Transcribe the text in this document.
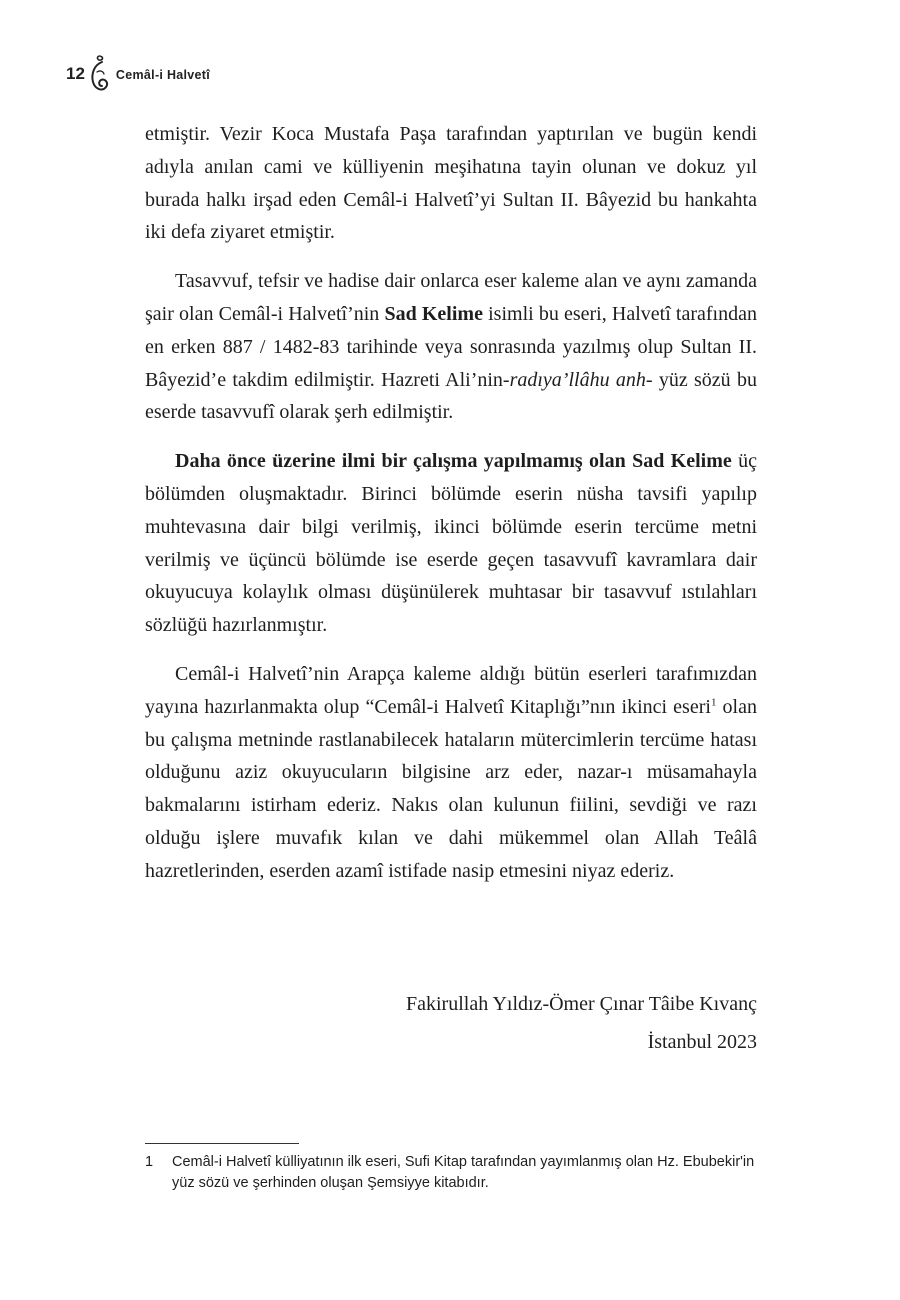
12 Cemâl-i Halvetî

etmiştir. Vezir Koca Mustafa Paşa tarafından yaptırılan ve bugün kendi adıyla anılan cami ve külliyenin meşihatına tayin olunan ve dokuz yıl burada halkı irşad eden Cemâl-i Halvetî’yi Sultan II. Bâyezid bu hankahta iki defa ziyaret etmiştir.

Tasavvuf, tefsir ve hadise dair onlarca eser kaleme alan ve aynı zamanda şair olan Cemâl-i Halvetî’nin Sad Kelime isimli bu eseri, Halvetî tarafından en erken 887 / 1482-83 tarihinde veya sonrasında yazılmış olup Sultan II. Bâyezid’e takdim edilmiştir. Hazreti Ali’nin-radıya’llâhu anh- yüz sözü bu eserde tasavvufî olarak şerh edilmiştir.

Daha önce üzerine ilmi bir çalışma yapılmamış olan Sad Kelime üç bölümden oluşmaktadır. Birinci bölümde eserin nüsha tavsifi yapılıp muhtevasına dair bilgi verilmiş, ikinci bölümde eserin tercüme metni verilmiş ve üçüncü bölümde ise eserde geçen tasavvufî kavramlara dair okuyucuya kolaylık olması düşünülerek muhtasar bir tasavvuf ıstılahları sözlüğü hazırlanmıştır.

Cemâl-i Halvetî’nin Arapça kaleme aldığı bütün eserleri tarafımızdan yayına hazırlanmakta olup “Cemâl-i Halvetî Kitaplığı”nın ikinci eseri$^1$ olan bu çalışma metninde rastlanabilecek hataların mütercimlerin tercüme hatası olduğunu aziz okuyucuların bilgisine arz eder, nazar-ı müsamahayla bakmalarını istirham ederiz. Nakıs olan kulunun fiilini, sevdiği ve razı olduğu işlere muvafık kılan ve dahi mükemmel olan Allah Teâlâ hazretlerinden, eserden azamî istifade nasip etmesini niyaz ederiz.

Fakirullah Yıldız-Ömer Çınar Tâibe Kıvanç
İstanbul 2023
1	Cemâl-i Halvetî külliyatının ilk eseri, Sufi Kitap tarafından yayımlanmış olan Hz. Ebubekir'in yüz sözü ve şerhinden oluşan Şemsiyye kitabıdır.
